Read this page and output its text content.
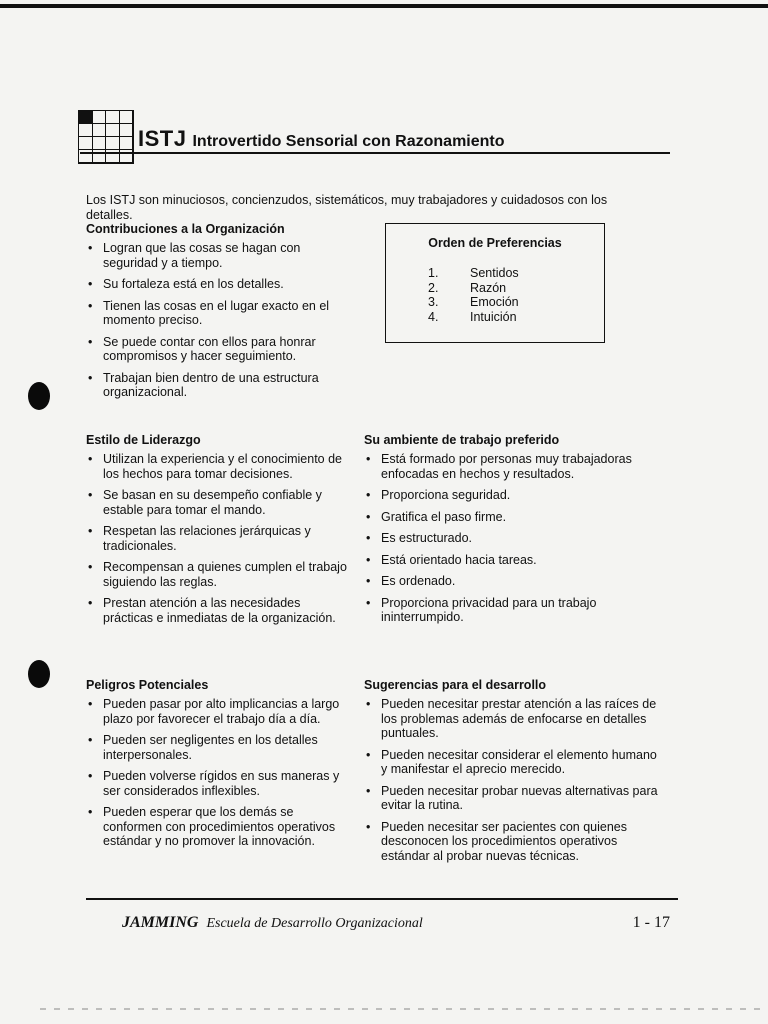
ISTJ Introvertido Sensorial con Razonamiento

Los ISTJ son minuciosos, concienzudos, sistemáticos, muy trabajadores y cuidadosos con los detalles.

Contribuciones a la Organización
• Logran que las cosas se hagan con seguridad y a tiempo.
• Su fortaleza está en los detalles.
• Tienen las cosas en el lugar exacto en el momento preciso.
• Se puede contar con ellos para honrar compromisos y hacer seguimiento.
• Trabajan bien dentro de una estructura organizacional.
Orden de Preferencias
1.	Sentidos
2.	Razón
3.	Emoción
4.	Intuición
Estilo de Liderazgo
• Utilizan la experiencia y el conocimiento de los hechos para tomar decisiones.
• Se basan en su desempeño confiable y estable para tomar el mando.
• Respetan las relaciones jerárquicas y tradicionales.
• Recompensan a quienes cumplen el trabajo siguiendo las reglas.
• Prestan atención a las necesidades prácticas e inmediatas de la organización.
Su ambiente de trabajo preferido
• Está formado por personas muy trabajadoras enfocadas en hechos y resultados.
• Proporciona seguridad.
• Gratifica el paso firme.
• Es estructurado.
• Está orientado hacia tareas.
• Es ordenado.
• Proporciona privacidad para un trabajo ininterrumpido.
Peligros Potenciales
• Pueden pasar por alto implicancias a largo plazo por favorecer el trabajo día a día.
• Pueden ser negligentes en los detalles interpersonales.
• Pueden volverse rígidos en sus maneras y ser considerados inflexibles.
• Pueden esperar que los demás se conformen con procedimientos operativos estándar y no promover la innovación.
Sugerencias para el desarrollo
• Pueden necesitar prestar atención a las raíces de los problemas además de enfocarse en detalles puntuales.
• Pueden necesitar considerar el elemento humano y manifestar el aprecio merecido.
• Pueden necesitar probar nuevas alternativas para evitar la rutina.
• Pueden necesitar ser pacientes con quienes desconocen los procedimientos operativos estándar al probar nuevas técnicas.
JAMMING Escuela de Desarrollo Organizacional	1 - 17
